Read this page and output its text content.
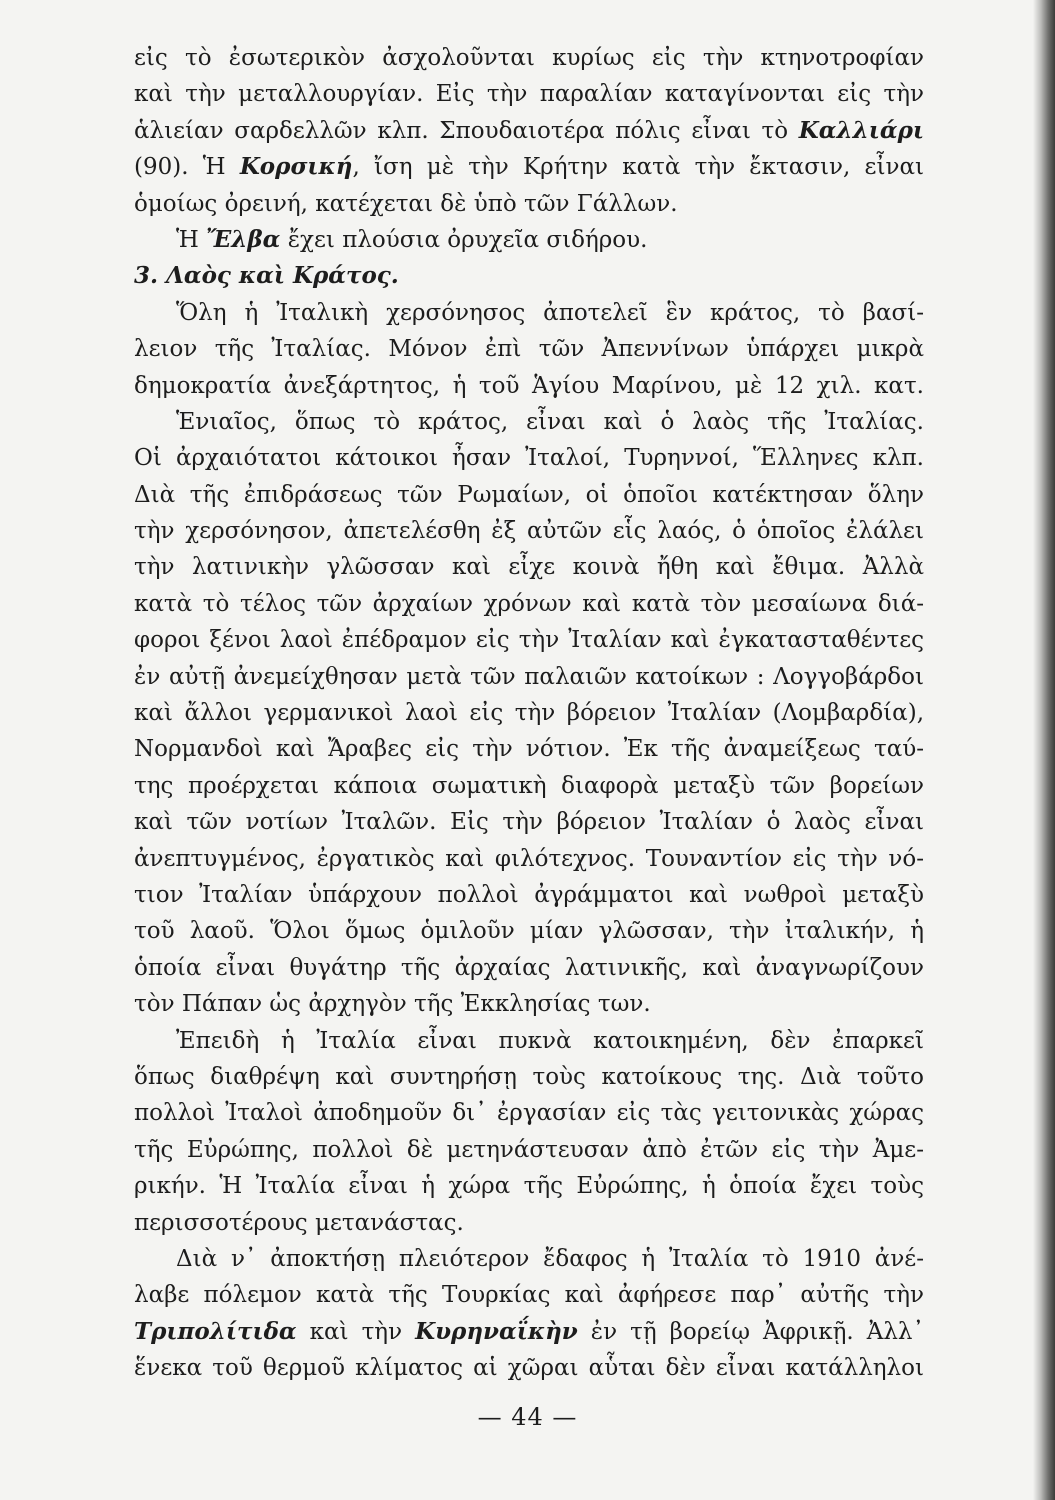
εἰς τὸ ἐσωτερικὸν ἀσχολοῦνται κυρίως εἰς τὴν κτηνοτροφίαν
καὶ τὴν μεταλλουργίαν. Εἰς τὴν παραλίαν καταγίνονται εἰς τὴν
ἁλιείαν σαρδελλῶν κλπ. Σπουδαιοτέρα πόλις εἶναι τὸ Καλλιάρι
(90). Ἡ Κορσική, ἴση μὲ τὴν Κρήτην κατὰ τὴν ἔκτασιν, εἶναι
ὁμοίως ὀρεινή, κατέχεται δὲ ὑπὸ τῶν Γάλλων.
Ἡ Ἔλβα ἔχει πλούσια ὀρυχεῖα σιδήρου.
3. Λαὸς καὶ Κράτος.
Ὅλη ἡ Ἰταλικὴ χερσόνησος ἀποτελεῖ ἓν κράτος, τὸ βασί-
λειον τῆς Ἰταλίας. Μόνον ἐπὶ τῶν Ἀπεννίνων ὑπάρχει μικρὰ
δημοκρατία ἀνεξάρτητος, ἡ τοῦ Ἁγίου Μαρίνου, μὲ 12 χιλ. κατ.
Ἑνιαῖος, ὅπως τὸ κράτος, εἶναι καὶ ὁ λαὸς τῆς Ἰταλίας.
Οἱ ἀρχαιότατοι κάτοικοι ἦσαν Ἰταλοί, Τυρηννοί, Ἕλληνες κλπ.
Διὰ τῆς ἐπιδράσεως τῶν Ρωμαίων, οἱ ὁποῖοι κατέκτησαν ὅλην
τὴν χερσόνησον, ἀπετελέσθη ἐξ αὐτῶν εἷς λαός, ὁ ὁποῖος ἐλάλει
τὴν λατινικὴν γλῶσσαν καὶ εἶχε κοινὰ ἤθη καὶ ἔθιμα. Ἀλλὰ
κατὰ τὸ τέλος τῶν ἀρχαίων χρόνων καὶ κατὰ τὸν μεσαίωνα διά-
φοροι ξένοι λαοὶ ἐπέδραμον εἰς τὴν Ἰταλίαν καὶ ἐγκατασταθέντες
ἐν αὐτῇ ἀνεμείχθησαν μετὰ τῶν παλαιῶν κατοίκων : Λογγοβάρδοι
καὶ ἄλλοι γερμανικοὶ λαοὶ εἰς τὴν βόρειον Ἰταλίαν (Λομβαρδία),
Νορμανδοὶ καὶ Ἄραβες εἰς τὴν νότιον. Ἐκ τῆς ἀναμείξεως ταύ-
της προέρχεται κάποια σωματικὴ διαφορὰ μεταξὺ τῶν βορείων
καὶ τῶν νοτίων Ἰταλῶν. Εἰς τὴν βόρειον Ἰταλίαν ὁ λαὸς εἶναι
ἀνεπτυγμένος, ἐργατικὸς καὶ φιλότεχνος. Τουναντίον εἰς τὴν νό-
τιον Ἰταλίαν ὑπάρχουν πολλοὶ ἀγράμματοι καὶ νωθροὶ μεταξὺ
τοῦ λαοῦ. Ὅλοι ὅμως ὁμιλοῦν μίαν γλῶσσαν, τὴν ἰταλικήν, ἡ
ὁποία εἶναι θυγάτηρ τῆς ἀρχαίας λατινικῆς, καὶ ἀναγνωρίζουν
τὸν Πάπαν ὡς ἀρχηγὸν τῆς Ἐκκλησίας των.
Ἐπειδὴ ἡ Ἰταλία εἶναι πυκνὰ κατοικημένη, δὲν ἐπαρκεῖ
ὅπως διαθρέψη καὶ συντηρήσῃ τοὺς κατοίκους της. Διὰ τοῦτο
πολλοὶ Ἰταλοὶ ἀποδημοῦν δι᾿ ἐργασίαν εἰς τὰς γειτονικὰς χώρας
τῆς Εὐρώπης, πολλοὶ δὲ μετηνάστευσαν ἀπὸ ἐτῶν εἰς τὴν Ἀμε-
ρικήν. Ἡ Ἰταλία εἶναι ἡ χώρα τῆς Εὐρώπης, ἡ ὁποία ἔχει τοὺς
περισσοτέρους μετανάστας.
Διὰ ν᾿ ἀποκτήσῃ πλειότερον ἔδαφος ἡ Ἰταλία τὸ 1910 ἀνέ-
λαβε πόλεμον κατὰ τῆς Τουρκίας καὶ ἀφήρεσε παρ᾿ αὐτῆς τὴν
Τριπολίτιδα καὶ τὴν Κυρηναΐκὴν ἐν τῇ βορείῳ Ἀφρικῇ. Ἀλλ᾿
ἕνεκα τοῦ θερμοῦ κλίματος αἱ χῶραι αὗται δὲν εἶναι κατάλληλοι
— 44 —
